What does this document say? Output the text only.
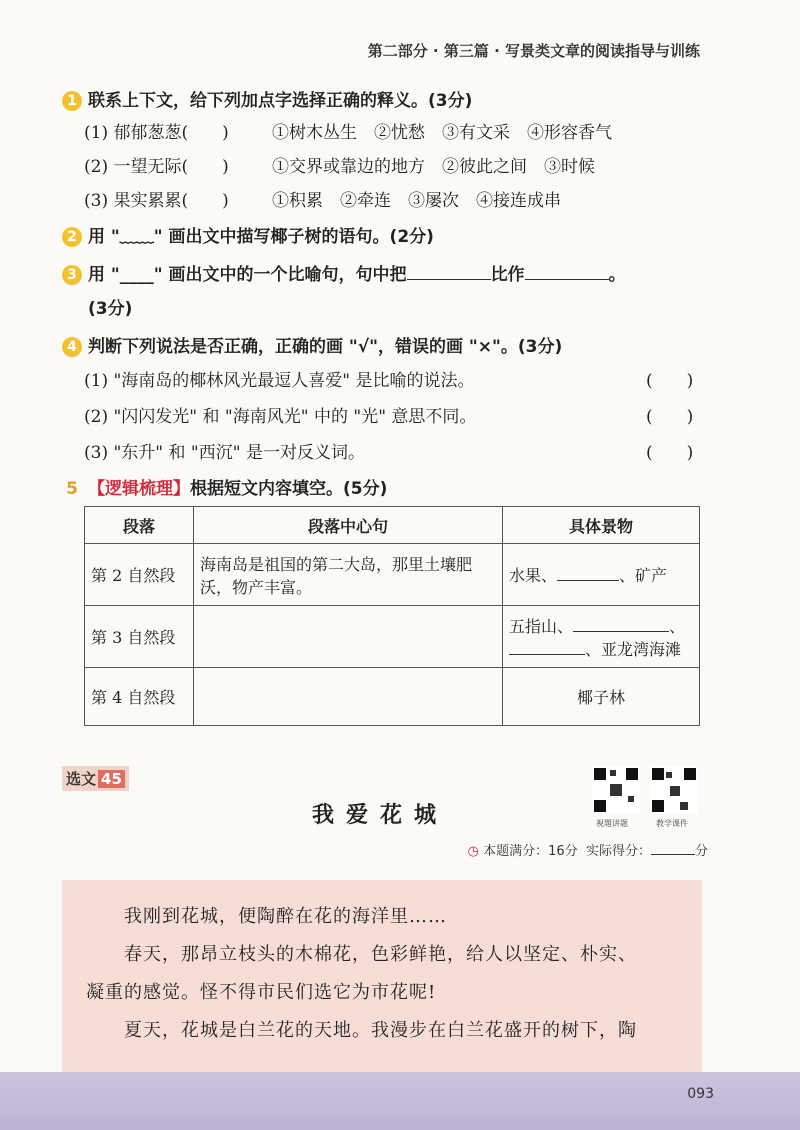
第二部分 · 第三篇 · 写景类文章的阅读指导与训练
1 联系上下文，给下列加点字选择正确的释义。(3分)
(1) 郁郁葱葱(　　)	①树木丛生　②忧愁　③有文采　④形容香气
(2) 一望无际(　　)	①交界或靠边的地方　②彼此之间　③时候
(3) 果实累累(　　)	①积累　②牵连　③屡次　④接连成串
2 用 "﹏﹏" 画出文中描写椰子树的语句。(2分)
3 用 "____" 画出文中的一个比喻句，句中把	比作	。
(3分)
4 判断下列说法是否正确，正确的画 "√"，错误的画 "×"。(3分)
(1) "海南岛的椰林风光最逗人喜爱" 是比喻的说法。	(　　)
(2) "闪闪发光" 和 "海南风光" 中的 "光" 意思不同。	(　　)
(3) "东升" 和 "西沉" 是一对反义词。	(　　)
5 【逻辑梳理】根据短文内容填空。(5分)
段落	段落中心句	具体景物
第 2 自然段	海南岛是祖国的第二大岛，那里土壤肥沃，物产丰富。	水果、 、矿产
第 3 自然段		五指山、 、
、亚龙湾海滩

第 4 自然段		椰子林
选文 45
我爱花城	視題讲题	教学课件
◷ 本题满分：16分 实际得分：	分

我刚到花城，便陶醉在花的海洋里……

春天，那昂立枝头的木棉花，色彩鲜艳，给人以坚定、朴实、

凝重的感觉。怪不得市民们选它为市花呢!

夏天，花城是白兰花的天地。我漫步在白兰花盛开的树下，陶

093
